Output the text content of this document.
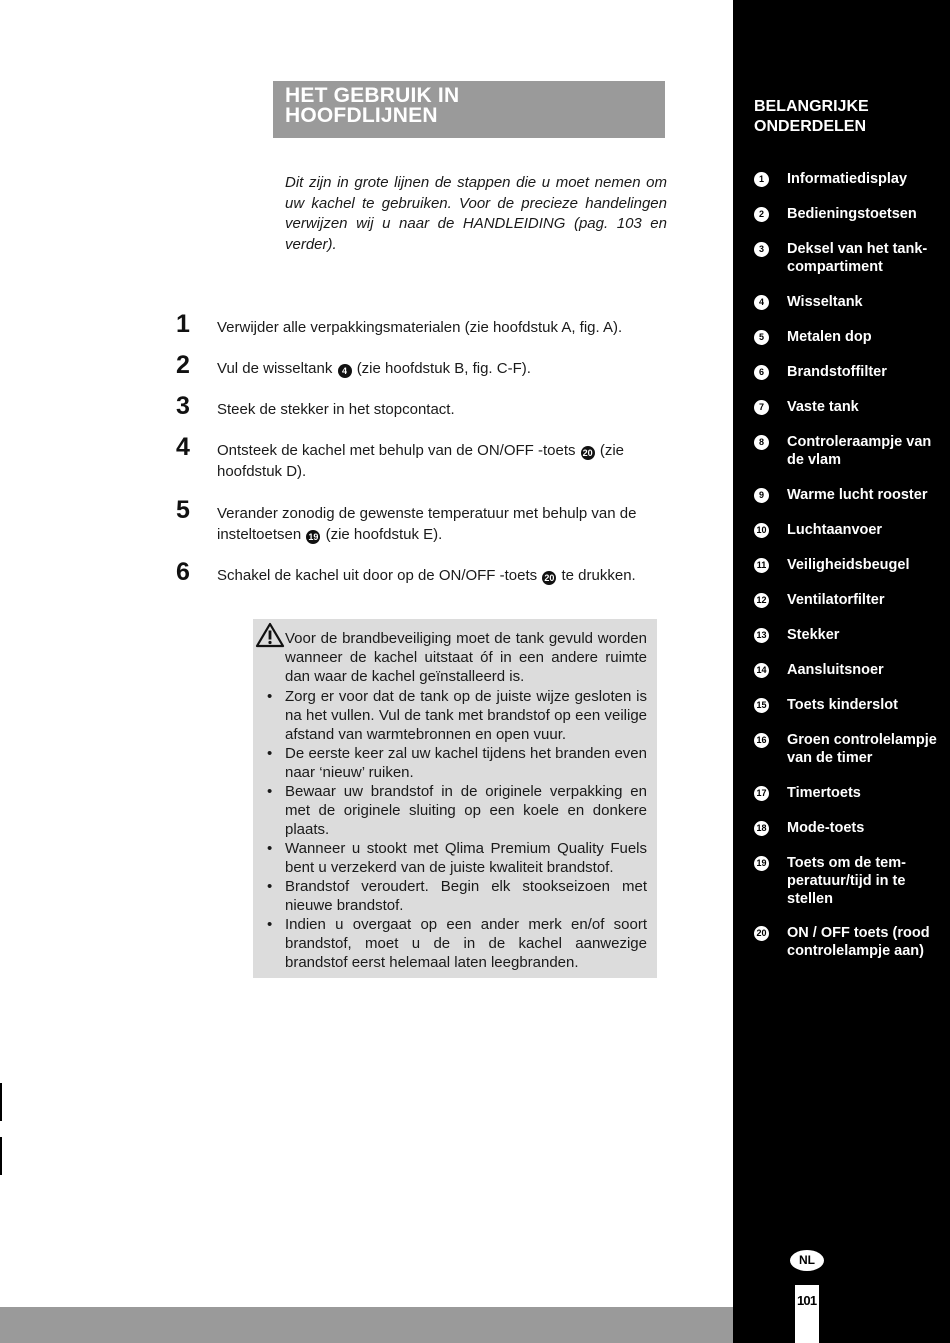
HET GEBRUIK IN
HOOFDLIJNEN
Dit zijn in grote lijnen de stappen die u moet nemen om uw kachel te gebruiken. Voor de precieze handelingen verwijzen wij u naar de HANDLEIDING (pag. 103 en verder).
1 Verwijder alle verpakkingsmaterialen (zie hoofdstuk A, fig. A).
2 Vul de wisseltank 4 (zie hoofdstuk B, fig. C-F).
3 Steek de stekker in het stopcontact.
4 Ontsteek de kachel met behulp van de ON/OFF -toets 20 (zie hoofdstuk D).
5 Verander zonodig de gewenste temperatuur met behulp van de insteltoetsen 19 (zie hoofdstuk E).
6 Schakel de kachel uit door op de ON/OFF -toets 20 te drukken.
Voor de brandbeveiliging moet de tank gevuld worden wanneer de kachel uitstaat óf in een andere ruimte dan waar de kachel geïnstalleerd is.
• Zorg er voor dat de tank op de juiste wijze gesloten is na het vullen. Vul de tank met brandstof op een veilige afstand van warmtebronnen en open vuur.
• De eerste keer zal uw kachel tijdens het branden even naar ‘nieuw’ ruiken.
• Bewaar uw brandstof in de originele verpakking en met de originele sluiting op een koele en donkere plaats.
• Wanneer u stookt met Qlima Premium Quality Fuels bent u verzekerd van de juiste kwaliteit brandstof.
• Brandstof veroudert. Begin elk stookseizoen met nieuwe brandstof.
• Indien u overgaat op een ander merk en/of soort brandstof, moet u de in de kachel aanwezige brandstof eerst helemaal laten leegbranden.
BELANGRIJKE
ONDERDELEN
1	Informatiedisplay
2	Bedieningstoetsen
3	Deksel van het tank-compartiment
4	Wisseltank
5	Metalen dop
6	Brandstoffilter
7	Vaste tank
8	Controleraampje van de vlam
9	Warme lucht rooster
10 Luchtaanvoer
11 Veiligheidsbeugel
12 Ventilatorfilter
13 Stekker
14 Aansluitsnoer
15 Toets kinderslot
16 Groen controlelampje van de timer
17 Timertoets
18 Mode-toets
19 Toets om de tem-peratuur/tijd in te stellen
20 ON / OFF toets (rood controlelampje aan)
NL
101
